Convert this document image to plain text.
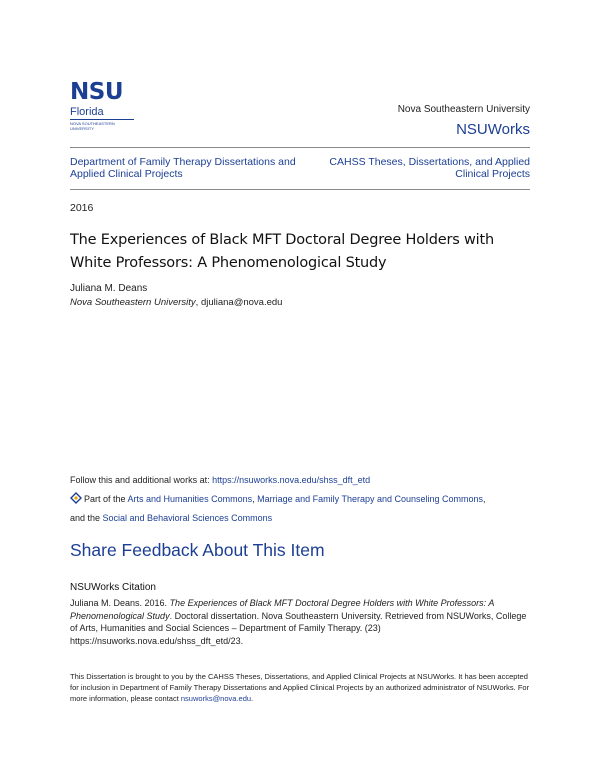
NSU
Florida
NOVA SOUTHEASTERN UNIVERSITY
Nova Southeastern University
NSUWorks
Department of Family Therapy Dissertations and Applied Clinical Projects
CAHSS Theses, Dissertations, and Applied Clinical Projects
2016
The Experiences of Black MFT Doctoral Degree Holders with White Professors: A Phenomenological Study
Juliana M. Deans
Nova Southeastern University, djuliana@nova.edu
Follow this and additional works at: https://nsuworks.nova.edu/shss_dft_etd
Part of the Arts and Humanities Commons, Marriage and Family Therapy and Counseling Commons,
and the Social and Behavioral Sciences Commons
Share Feedback About This Item
NSUWorks Citation
Juliana M. Deans. 2016. The Experiences of Black MFT Doctoral Degree Holders with White Professors: A Phenomenological Study. Doctoral dissertation. Nova Southeastern University. Retrieved from NSUWorks, College of Arts, Humanities and Social Sciences – Department of Family Therapy. (23) https://nsuworks.nova.edu/shss_dft_etd/23.
This Dissertation is brought to you by the CAHSS Theses, Dissertations, and Applied Clinical Projects at NSUWorks. It has been accepted for inclusion in Department of Family Therapy Dissertations and Applied Clinical Projects by an authorized administrator of NSUWorks. For more information, please contact nsuworks@nova.edu.
